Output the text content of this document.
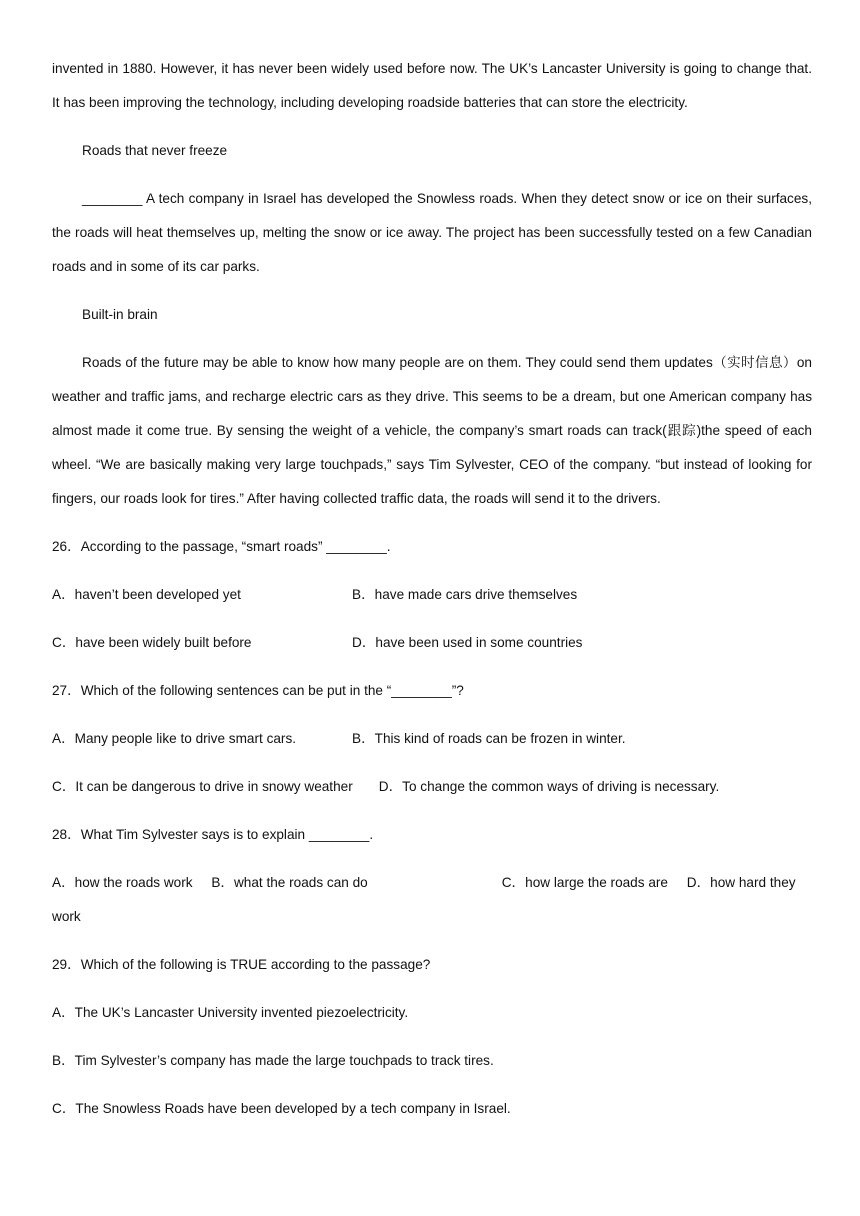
invented in 1880. However, it has never been widely used before now. The UK’s Lancaster University is going to change that. It has been improving the technology, including developing roadside batteries that can store the electricity.

Roads that never freeze

________ A tech company in Israel has developed the Snowless roads. When they detect snow or ice on their surfaces, the roads will heat themselves up, melting the snow or ice away. The project has been successfully tested on a few Canadian roads and in some of its car parks.

Built-in brain

Roads of the future may be able to know how many people are on them. They could send them updates（实时信息）on weather and traffic jams, and recharge electric cars as they drive. This seems to be a dream, but one American company has almost made it come true. By sensing the weight of a vehicle, the company’s smart roads can track(跟踪)the speed of each wheel. “We are basically making very large touchpads,” says Tim Sylvester, CEO of the company. “but instead of looking for fingers, our roads look for tires.” After having collected traffic data, the roads will send it to the drivers.

26．According to the passage, “smart roads” ________.
A．haven’t been developed yet	B．have made cars drive themselves
C．have been widely built before	D．have been used in some countries
27．Which of the following sentences can be put in the “________”?
A．Many people like to drive smart cars.	B．This kind of roads can be frozen in winter.
C．It can be dangerous to drive in snowy weather D．To change the common ways of driving is necessary.
28．What Tim Sylvester says is to explain ________.
A．how the roads work B．what the roads can do	C．how large the roads are D．how hard they work
29．Which of the following is TRUE according to the passage?
A．The UK’s Lancaster University invented piezoelectricity.
B．Tim Sylvester’s company has made the large touchpads to track tires.
C．The Snowless Roads have been developed by a tech company in Israel.
